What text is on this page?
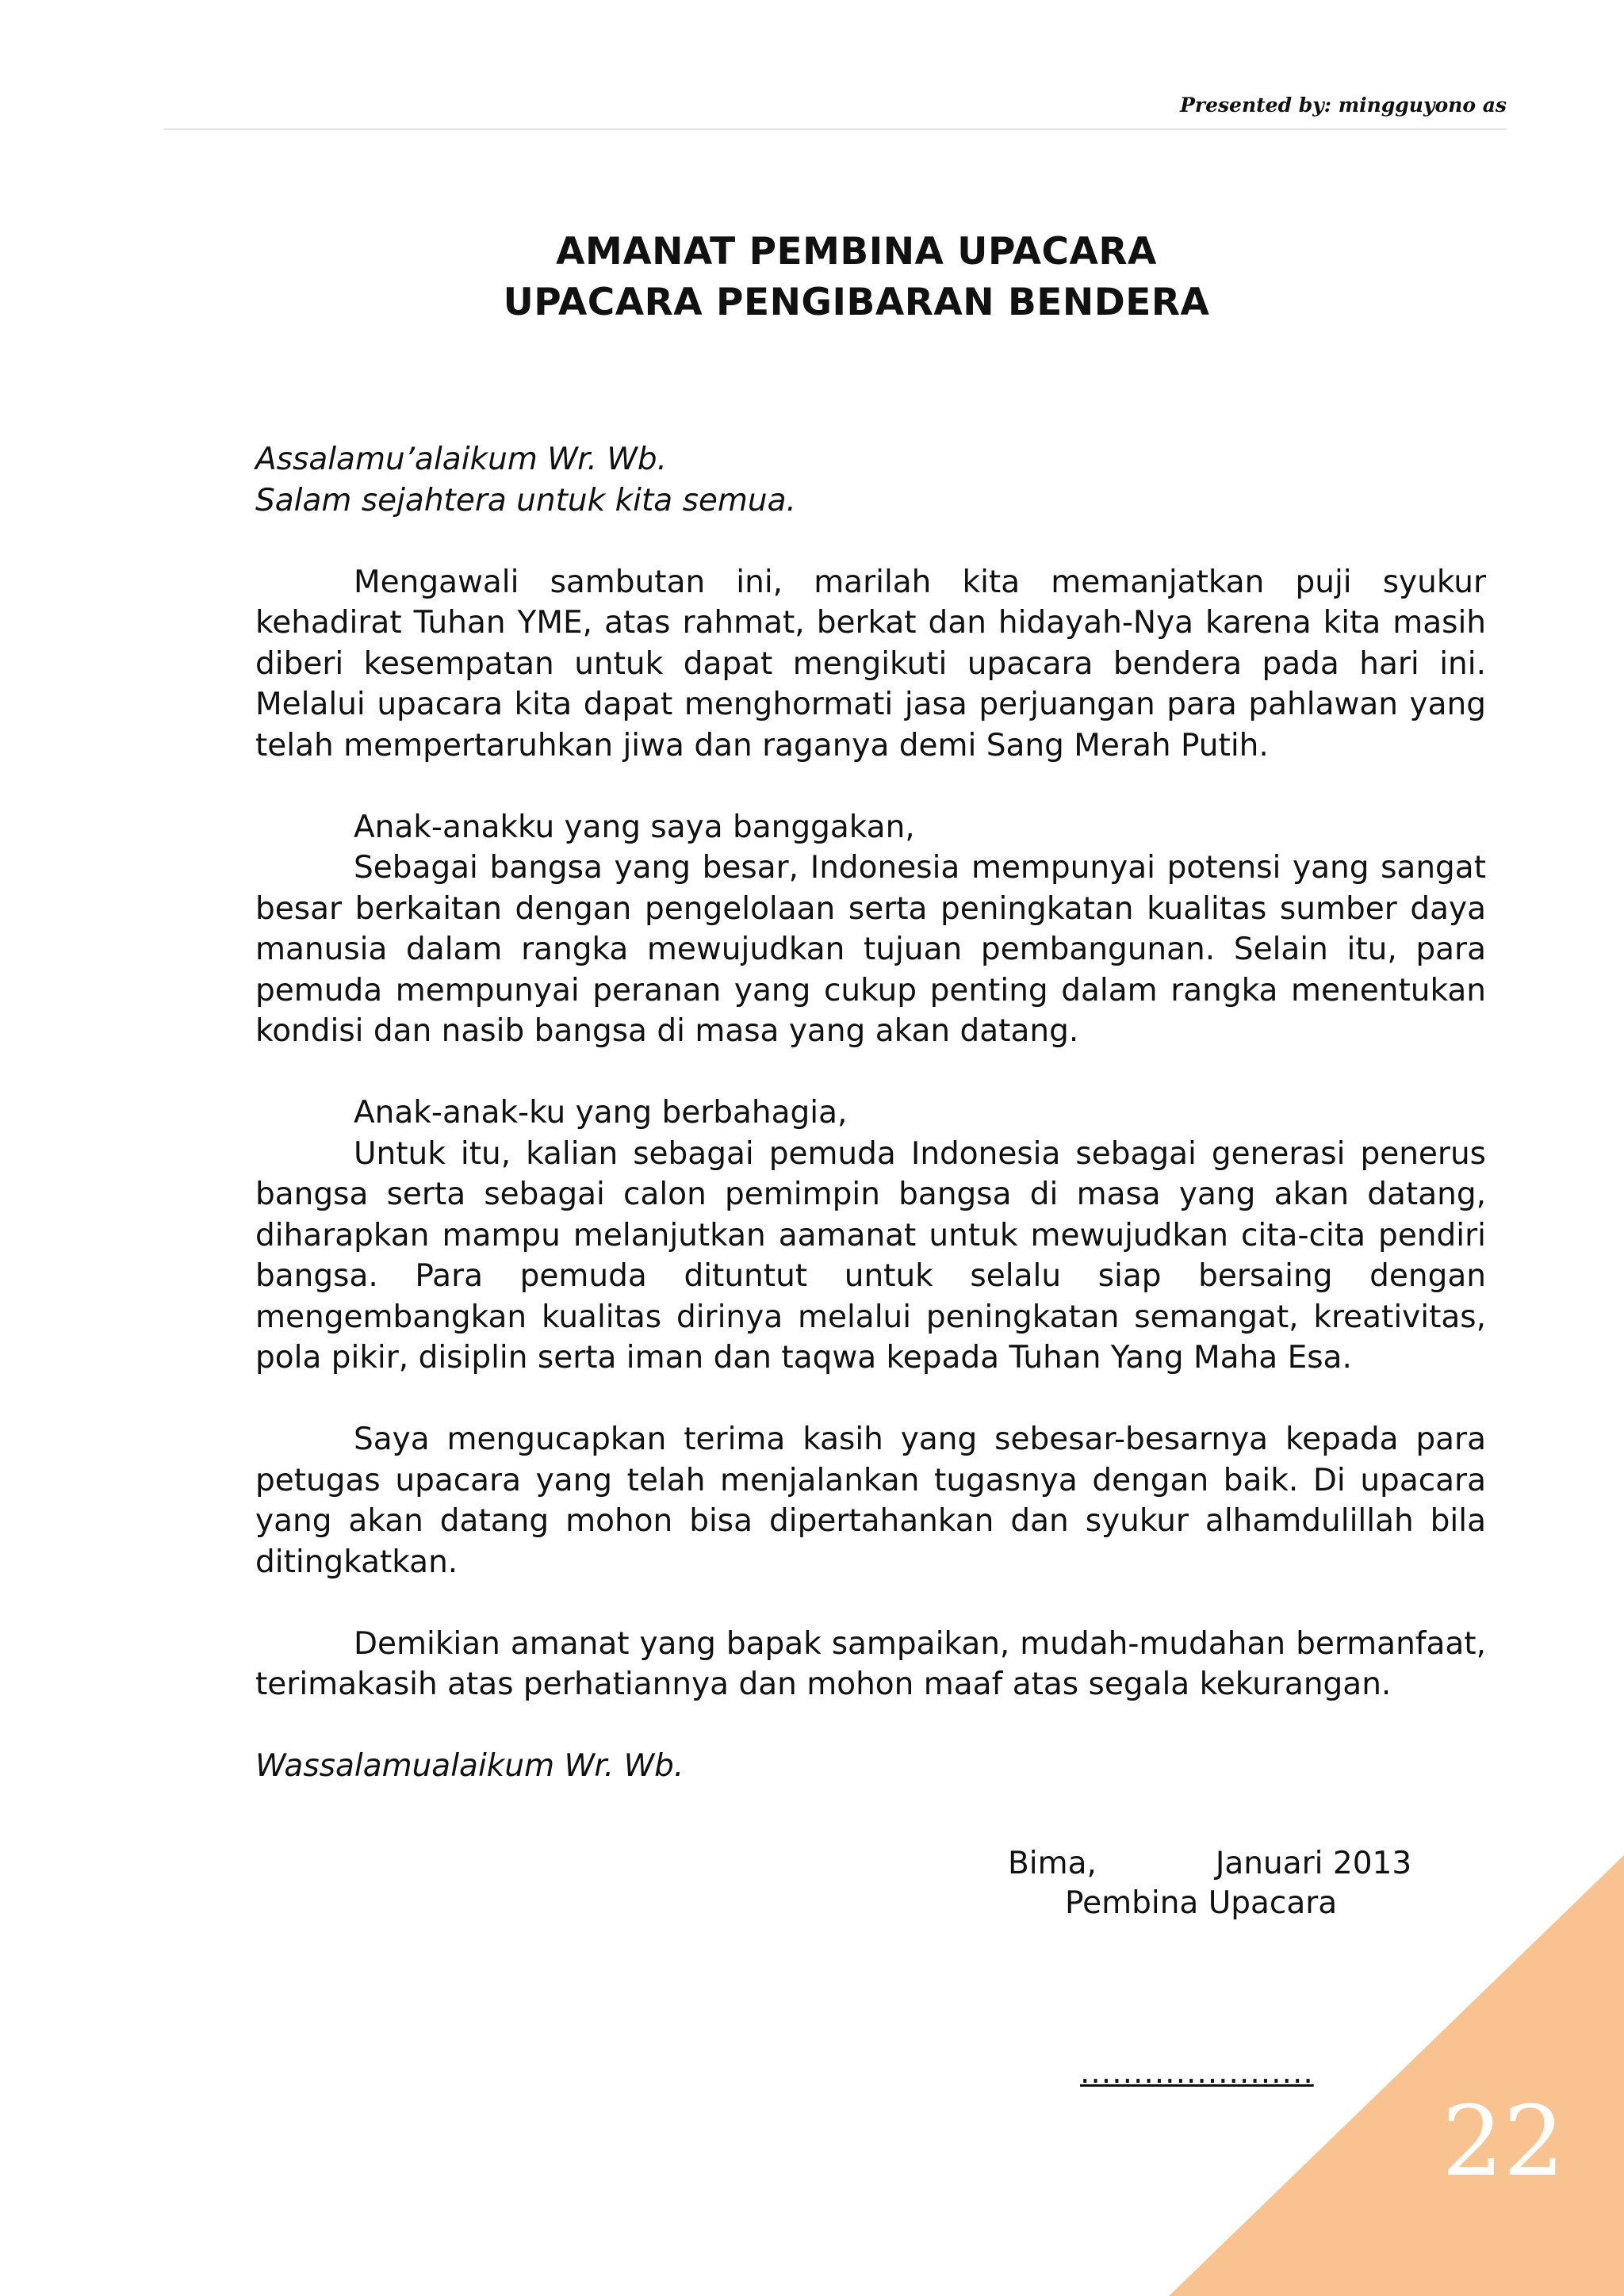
Presented by: mingguyono as
AMANAT PEMBINA UPACARA
UPACARA PENGIBARAN BENDERA

Assalamu’alaikum Wr. Wb.

Salam sejahtera untuk kita semua.

Mengawali sambutan ini, marilah kita memanjatkan puji syukur kehadirat Tuhan YME, atas rahmat, berkat dan hidayah-Nya karena kita masih diberi kesempatan untuk dapat mengikuti upacara bendera pada hari ini. Melalui upacara kita dapat menghormati jasa perjuangan para pahlawan yang telah mempertaruhkan jiwa dan raganya demi Sang Merah Putih.

Anak-anakku yang saya banggakan,

Sebagai bangsa yang besar, Indonesia mempunyai potensi yang sangat besar berkaitan dengan pengelolaan serta peningkatan kualitas sumber daya manusia dalam rangka mewujudkan tujuan pembangunan. Selain itu, para pemuda mempunyai peranan yang cukup penting dalam rangka menentukan kondisi dan nasib bangsa di masa yang akan datang.

Anak-anak-ku yang berbahagia,

Untuk itu, kalian sebagai pemuda Indonesia sebagai generasi penerus bangsa serta sebagai calon pemimpin bangsa di masa yang akan datang, diharapkan mampu melanjutkan aamanat untuk mewujudkan cita-cita pendiri bangsa. Para pemuda dituntut untuk selalu siap bersaing dengan mengembangkan kualitas dirinya melalui peningkatan semangat, kreativitas, pola pikir, disiplin serta iman dan taqwa kepada Tuhan Yang Maha Esa.

Saya mengucapkan terima kasih yang sebesar-besarnya kepada para petugas upacara yang telah menjalankan tugasnya dengan baik. Di upacara yang akan datang mohon bisa dipertahankan dan syukur alhamdulillah bila ditingkatkan.

Demikian amanat yang bapak sampaikan, mudah-mudahan bermanfaat, terimakasih atas perhatiannya dan mohon maaf atas segala kekurangan.

Wassalamualaikum Wr. Wb.

Bima,	Januari 2013
Pembina Upacara
......................
22
